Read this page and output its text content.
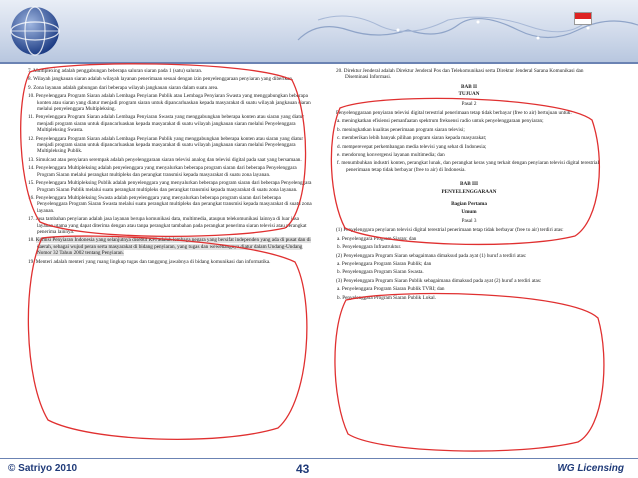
7. Multiplexing adalah penggabungan beberapa saluran siaran pada 1 (satu) saluran.

8. Wilayah jangkauan siaran adalah wilayah layanan penerimaan sesuai dengan izin penyelenggaraan penyiaran yang diberikan.

9. Zona layanan adalah gabungan dari beberapa wilayah jangkauan siaran dalam suatu area.

10. Penyelenggara Program Siaran adalah Lembaga Penyiaran Publik atau Lembaga Penyiaran Swasta yang menggabungkan beberapa konten atau siaran yang diatur menjadi program siaran untuk dipancarluaskan kepada masyarakat di suatu wilayah jangkauan siaran melalui penyelenggara Multipleksing.

11. Penyelenggara Program Siaran adalah Lembaga Penyiaran Swasta yang menggabungkan beberapa konten atau siaran yang diatur menjadi program siaran untuk dipancarluaskan kepada masyarakat di suatu wilayah jangkauan siaran melalui Penyelenggara Multipleksing Swasta.

12. Penyelenggara Program Siaran adalah Lembaga Penyiaran Publik yang menggabungkan beberapa konten atau siaran yang diatur menjadi program siaran untuk dipancarluaskan kepada masyarakat di suatu wilayah jangkauan siaran melalui Penyelenggara Multipleksing Publik.

13. Simulcast atau penyiaran serempak adalah penyelenggaraan siaran televisi analog dan televisi digital pada saat yang bersamaan.

14. Penyelenggara Multipleksing adalah penyelenggara yang menyalurkan beberapa program siaran dari beberapa Penyelenggara Program Siaran melalui perangkat multipleks dan perangkat transmisi kepada masyarakat di suatu zona layanan.

15. Penyelenggara Multipleksing Publik adalah penyelenggara yang menyalurkan beberapa program siaran dari beberapa Penyelenggara Program Siaran Publik melalui suatu perangkat multipleks dan perangkat transmisi kepada masyarakat di suatu zona layanan.

16. Penyelenggara Multipleksing Swasta adalah penyelenggara yang menyalurkan beberapa program siaran dari beberapa Penyelenggara Program Siaran Swasta melalui suatu perangkat multipleks dan perangkat transmisi kepada masyarakat di suatu zona layanan.

17. Jasa tambahan penyiaran adalah jasa layanan berupa komunikasi data, multimedia, ataupun telekomunikasi lainnya di luar jasa layanan utama yang dapat diterima dengan atau tanpa perangkat tambahan pada perangkat penerima siaran televisi atau perangkat penerima lainnya.

18. Komisi Penyiaran Indonesia yang selanjutnya disebut KPI adalah lembaga negara yang bersifat independen yang ada di pusat dan di daerah, sebagai wujud peran serta masyarakat di bidang penyiaran, yang tugas dan wewenangnya diatur dalam Undang-Undang Nomor 32 Tahun 2002 tentang Penyiaran.

19. Menteri adalah menteri yang ruang lingkup tugas dan tanggung jawabnya di bidang komunikasi dan informatika.

20. Direktur Jenderal adalah Direktur Jenderal Pos dan Telekomunikasi serta Direktur Jenderal Sarana Komunikasi dan Diseminasi Informasi.

BAB II

TUJUAN

Pasal 2

Penyelenggaraan penyiaran televisi digital terestrial penerimaan tetap tidak berbayar (free to air) bertujuan untuk:

a. meningkatkan efisiensi pemanfaatan spektrum frekuensi radio untuk penyelenggaraan penyiaran;

b. meningkatkan kualitas penerimaan program siaran televisi;

c. memberikan lebih banyak pilihan program siaran kepada masyarakat;

d. memperevepat perkembangan media televisi yang sehat di Indonesia;

e. mendorong konvergensi layanan multimedia; dan

f. menumbuhkan industri konten, perangkat lunak, dan perangkat keras yang terkait dengan penyiaran televisi digital terestrial penerimaan tetap tidak berbayar (free to air) di Indonesia.

BAB III

PENYELENGGARAAN

Bagian Pertama

Umum

Pasal 3

(1) Penyelenggara penyiaran televisi digital terestrial penerimaan tetap tidak berbayar (free to air) terdiri atas:

a. Penyelenggara Program Siaran; dan

b. Penyelenggara Infrastruktur.

(2) Penyelenggara Program Siaran sebagaimana dimaksud pada ayat (1) huruf a terdiri atas:

a. Penyelenggara Program Siaran Publik; dan

b. Penyelenggara Program Siaran Swasta.

(3) Penyelenggara Program Siaran Publik sebagaimana dimaksud pada ayat (2) huruf a terdiri atas:

a. Penyelenggara Program Siaran Publik TVRI; dan

b. Penyelenggara Program Siaran Publik Lokal.

© Satriyo 2010	43	WG Licensing
